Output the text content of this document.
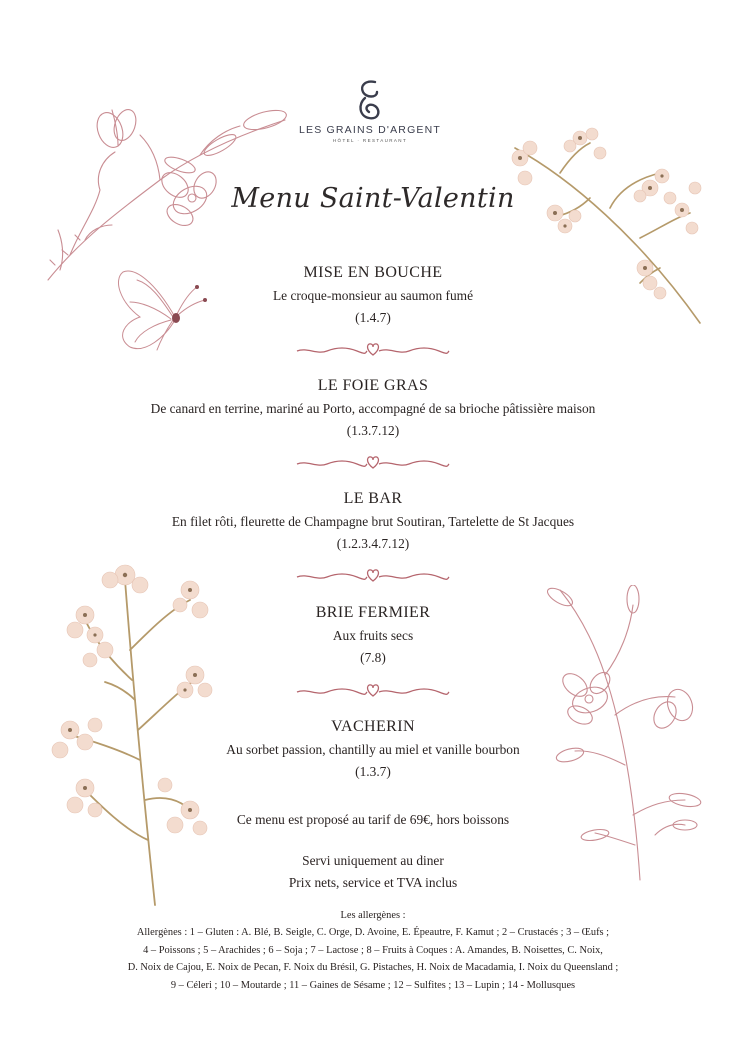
LES GRAINS D'ARGENT
HÔTEL · RESTAURANT
Menu Saint-Valentin
MISE EN BOUCHE
Le croque-monsieur au saumon fumé
(1.4.7)
LE FOIE GRAS
De canard en terrine, mariné au Porto, accompagné de sa brioche pâtissière maison
(1.3.7.12)
LE BAR
En filet rôti, fleurette de Champagne brut Soutiran, Tartelette de St Jacques
(1.2.3.4.7.12)
BRIE FERMIER
Aux fruits secs
(7.8)
VACHERIN
Au sorbet passion, chantilly au miel et vanille bourbon
(1.3.7)
Ce menu est proposé au tarif de 69€, hors boissons
Servi uniquement au diner
Prix nets, service et TVA inclus
Les allergènes :
Allergènes : 1 – Gluten : A. Blé, B. Seigle, C. Orge, D. Avoine, E. Épeautre, F. Kamut ; 2 – Crustacés ; 3 – Œufs ;
4 – Poissons ; 5 – Arachides ; 6 – Soja ; 7 – Lactose ; 8 – Fruits à Coques : A. Amandes, B. Noisettes, C. Noix,
D. Noix de Cajou, E. Noix de Pecan, F. Noix du Brésil, G. Pistaches, H. Noix de Macadamia, I. Noix du Queensland ;
9 – Céleri ; 10 – Moutarde ; 11 – Gaines de Sésame ; 12 – Sulfites ; 13 – Lupin ; 14 - Mollusques
